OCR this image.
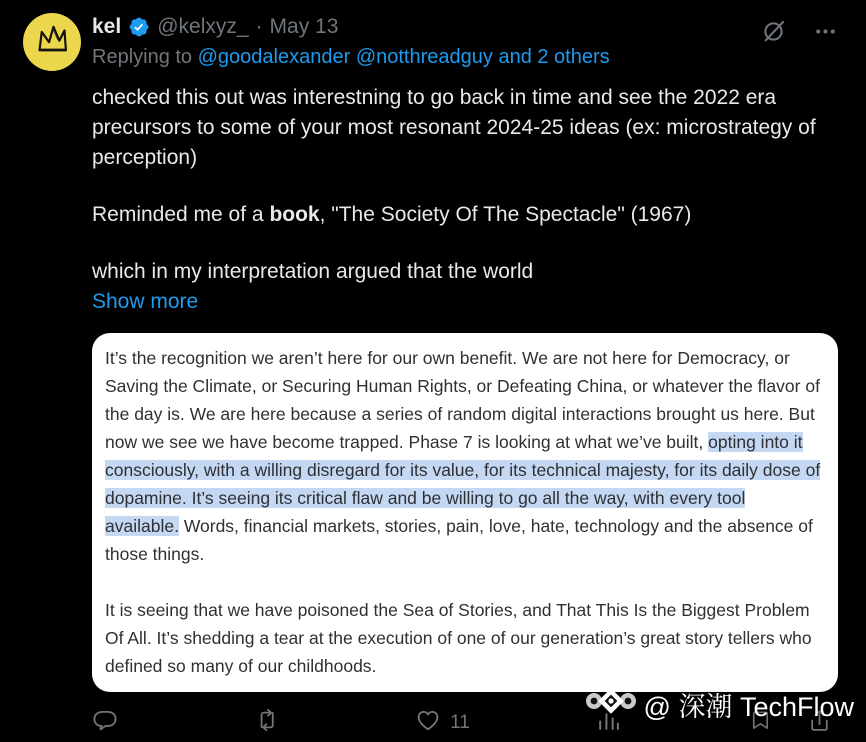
kel @kelxyz_ · May 13
Replying to @goodalexander @notthreadguy and 2 others

checked this out was interestning to go back in time and see the 2022 era precursors to some of your most resonant 2024-25 ideas (ex: microstrategy of perception)

Reminded me of a book, "The Society Of The Spectacle" (1967)

which in my interpretation argued that the world
Show more

It’s the recognition we aren’t here for our own benefit. We are not here for Democracy, or Saving the Climate, or Securing Human Rights, or Defeating China, or whatever the flavor of the day is. We are here because a series of random digital interactions brought us here. But now we see we have become trapped. Phase 7 is looking at what we’ve built, opting into it consciously, with a willing disregard for its value, for its technical majesty, for its daily dose of dopamine. It’s seeing its critical flaw and be willing to go all the way, with every tool available. Words, financial markets, stories, pain, love, hate, technology and the absence of those things.

It is seeing that we have poisoned the Sea of Stories, and That This Is the Biggest Problem Of All. It’s shedding a tear at the execution of one of our generation’s great story tellers who defined so many of our childhoods.

11
@ 深潮 TechFlow
